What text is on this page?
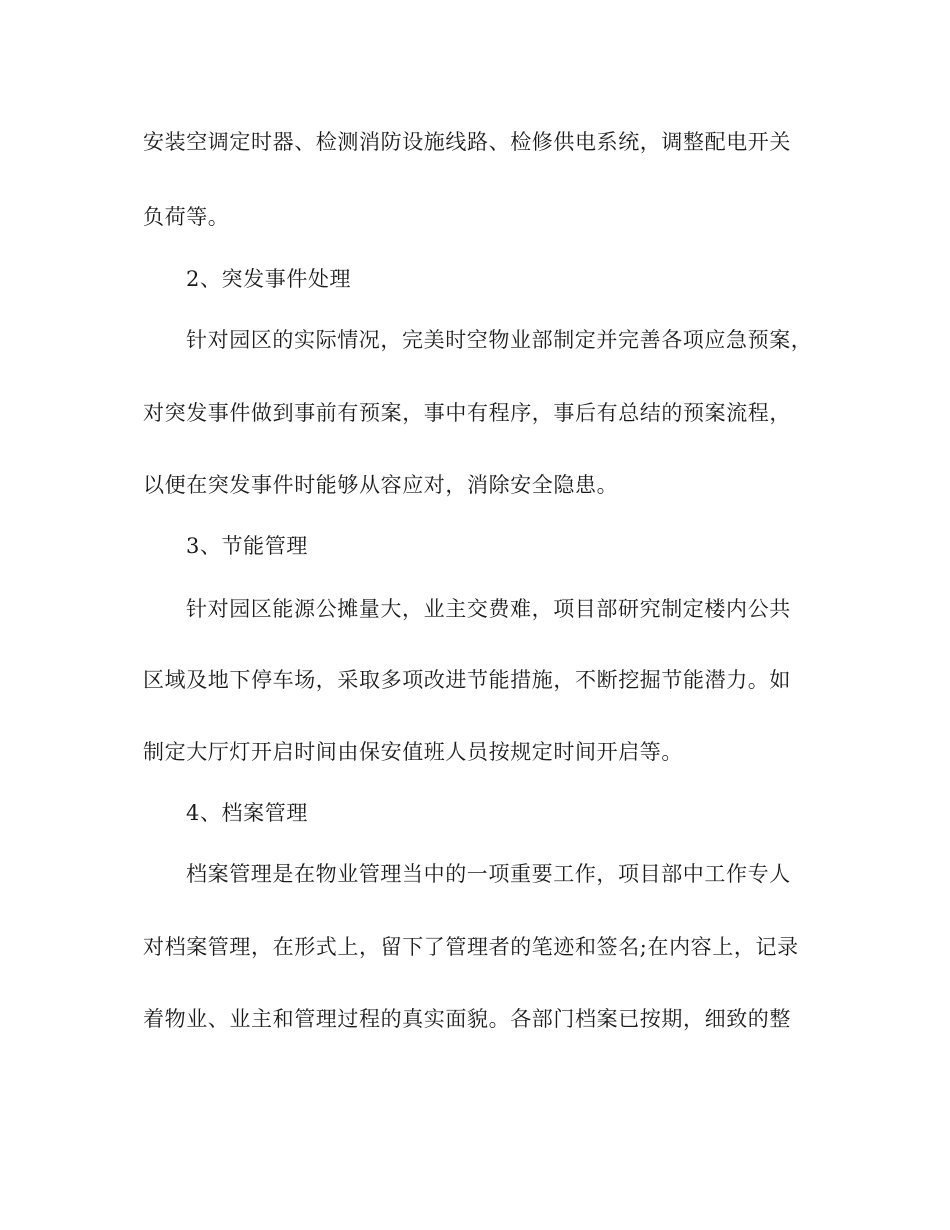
安装空调定时器、检测消防设施线路、检修供电系统，调整配电开关
负荷等。
2、突发事件处理
针对园区的实际情况，完美时空物业部制定并完善各项应急预案，
对突发事件做到事前有预案，事中有程序，事后有总结的预案流程，
以便在突发事件时能够从容应对，消除安全隐患。
3、节能管理
针对园区能源公摊量大，业主交费难，项目部研究制定楼内公共
区域及地下停车场，采取多项改进节能措施，不断挖掘节能潜力。如
制定大厅灯开启时间由保安值班人员按规定时间开启等。
4、档案管理
档案管理是在物业管理当中的一项重要工作，项目部中工作专人
对档案管理，在形式上，留下了管理者的笔迹和签名;在内容上，记录
着物业、业主和管理过程的真实面貌。各部门档案已按期，细致的整
